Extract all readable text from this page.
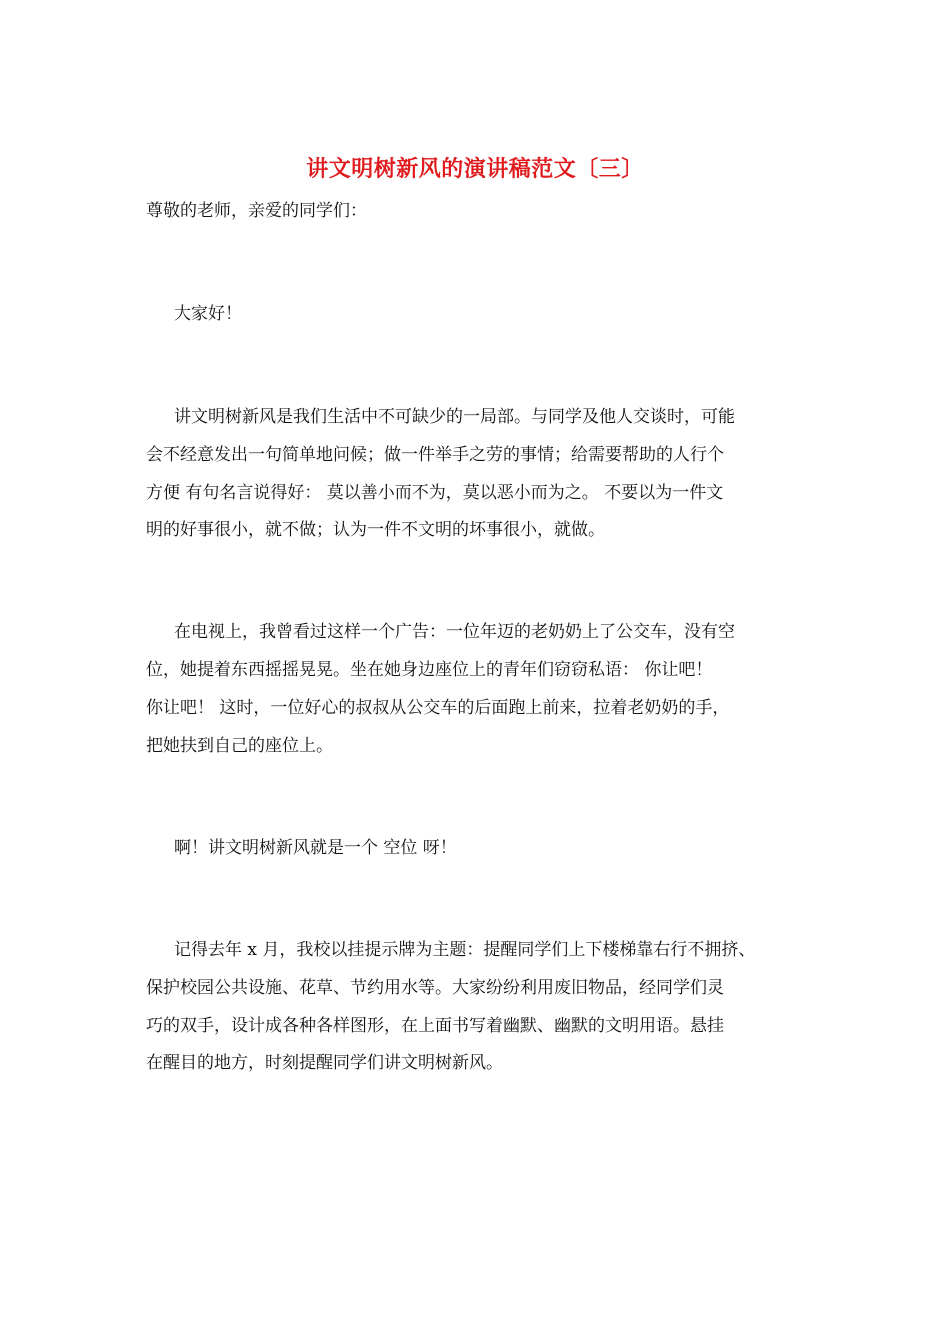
讲文明树新风的演讲稿范文〔三〕
尊敬的老师，亲爱的同学们：
大家好！
讲文明树新风是我们生活中不可缺少的一局部。与同学及他人交谈时，可能
会不经意发出一句简单地问候；做一件举手之劳的事情；给需要帮助的人行个
方便 有句名言说得好： 莫以善小而不为，莫以恶小而为之。 不要以为一件文
明的好事很小，就不做；认为一件不文明的坏事很小，就做。
在电视上，我曾看过这样一个广告：一位年迈的老奶奶上了公交车，没有空
位，她提着东西摇摇晃晃。坐在她身边座位上的青年们窃窃私语： 你让吧！
你让吧！ 这时，一位好心的叔叔从公交车的后面跑上前来，拉着老奶奶的手，
把她扶到自己的座位上。
啊！讲文明树新风就是一个 空位 呀！
记得去年 x 月，我校以挂提示牌为主题：提醒同学们上下楼梯靠右行不拥挤、
保护校园公共设施、花草、节约用水等。大家纷纷利用废旧物品，经同学们灵
巧的双手，设计成各种各样图形，在上面书写着幽默、幽默的文明用语。悬挂
在醒目的地方，时刻提醒同学们讲文明树新风。
